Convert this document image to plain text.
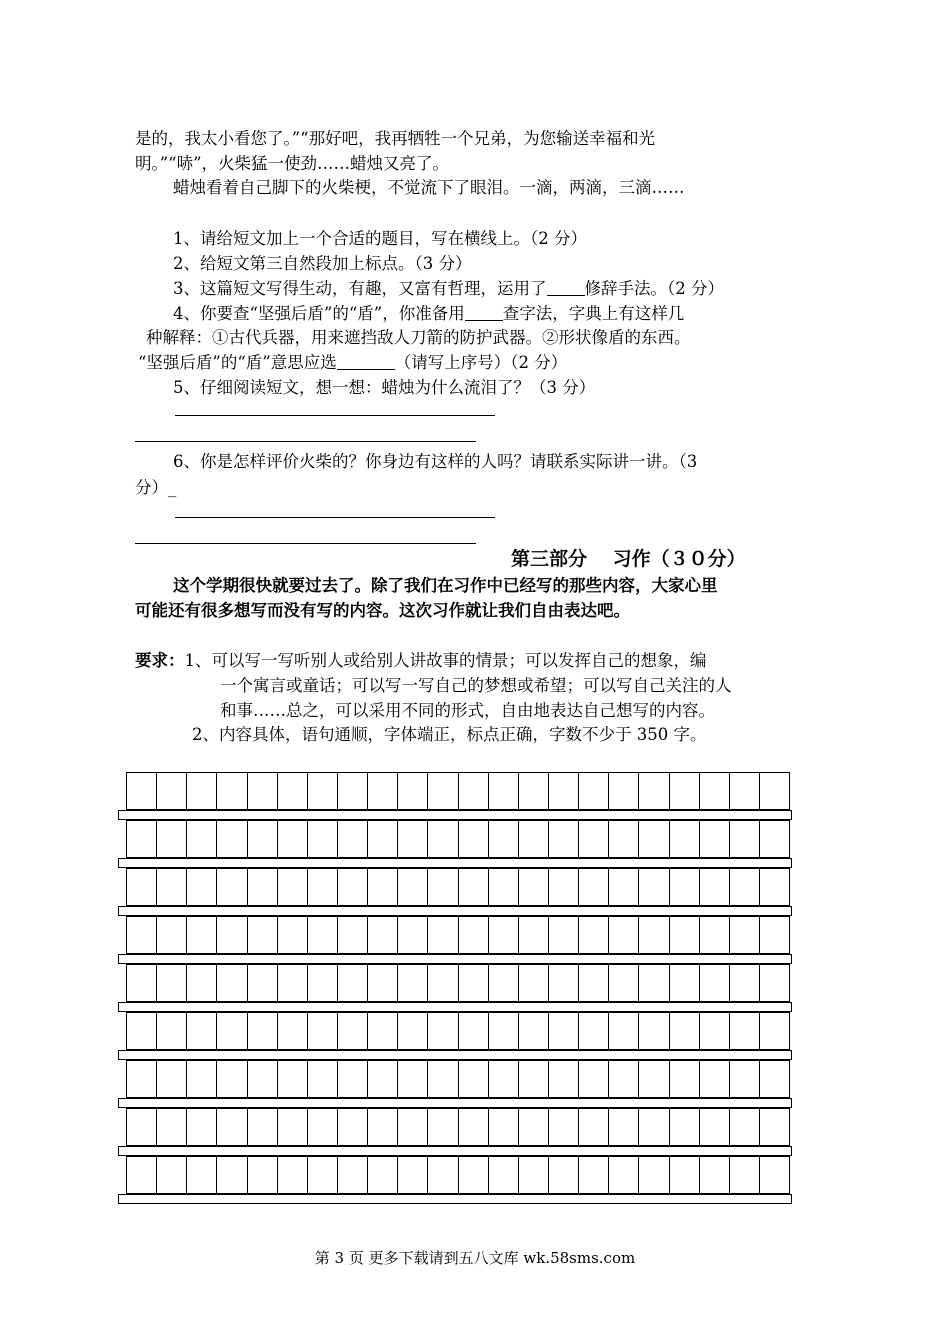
是的，我太小看您了。”“那好吧，我再牺牲一个兄弟，为您输送幸福和光
明。”“哧”，火柴猛一使劲……蜡烛又亮了。
蜡烛看着自己脚下的火柴梗，不觉流下了眼泪。一滴，两滴，三滴……
1、请给短文加上一个合适的题目，写在横线上。（2 分）
2、给短文第三自然段加上标点。（3 分）
3、这篇短文写得生动，有趣，又富有哲理，运用了 修辞手法。（2 分）
4、你要查“坚强后盾”的“盾”，你准备用 查字法，字典上有这样几
种解释：①古代兵器，用来遮挡敌人刀箭的防护武器。②形状像盾的东西。
“坚强后盾”的“盾”意思应选	（请写上序号）（2 分）
5、仔细阅读短文，想一想：蜡烛为什么流泪了？（3 分）
6、你是怎样评价火柴的？你身边有这样的人吗？请联系实际讲一讲。（3
分）_
第三部分　 习作（３０分）
这个学期很快就要过去了。除了我们在习作中已经写的那些内容，大家心里
可能还有很多想写而没有写的内容。这次习作就让我们自由表达吧。
要求：1、可以写一写听别人或给别人讲故事的情景；可以发挥自己的想象，编
一个寓言或童话；可以写一写自己的梦想或希望；可以写自己关注的人
和事……总之，可以采用不同的形式，自由地表达自己想写的内容。
2、内容具体，语句通顺，字体端正，标点正确，字数不少于 350 字。
第 3 页 更多下载请到五八文库 wk.58sms.com
